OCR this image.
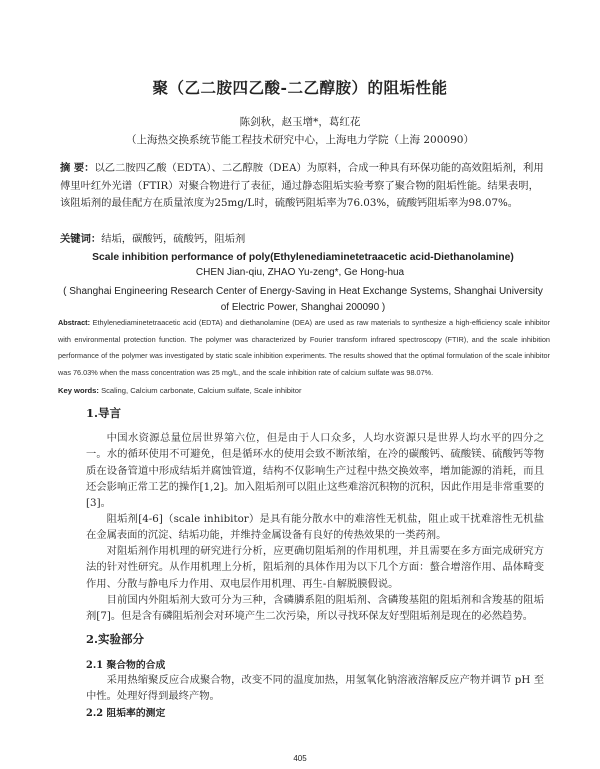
聚（乙二胺四乙酸-二乙醇胺）的阻垢性能
陈剑秋，赵玉增*，葛红花
（上海热交换系统节能工程技术研究中心，上海电力学院（上海 200090）
摘 要：以乙二胺四乙酸（EDTA）、二乙醇胺（DEA）为原料，合成一种具有环保功能的高效阻垢剂，利用傅里叶红外光谱（FTIR）对聚合物进行了表征，通过静态阻垢实验考察了聚合物的阻垢性能。结果表明，该阻垢剂的最佳配方在质量浓度为25mg/L时，硫酸钙阻垢率为76.03%，硫酸钙阻垢率为98.07%。
关键词：结垢，碳酸钙，硫酸钙，阻垢剂
Scale inhibition performance of poly(Ethylenediaminetetraacetic acid-Diethanolamine)
CHEN Jian-qiu, ZHAO Yu-zeng*, Ge Hong-hua
( Shanghai Engineering Research Center of Energy-Saving in Heat Exchange Systems, Shanghai University of Electric Power, Shanghai 200090 )
Abstract: Ethylenediaminetetraacetic acid (EDTA) and diethanolamine (DEA) are used as raw materials to synthesize a high-efficiency scale inhibitor with environmental protection function. The polymer was characterized by Fourier transform infrared spectroscopy (FTIR), and the scale inhibition performance of the polymer was investigated by static scale inhibition experiments. The results showed that the optimal formulation of the scale inhibitor was 76.03% when the mass concentration was 25 mg/L, and the scale inhibition rate of calcium sulfate was 98.07%.
Key words: Scaling, Calcium carbonate, Calcium sulfate, Scale inhibitor
1.导言
中国水资源总量位居世界第六位，但是由于人口众多，人均水资源只是世界人均水平的四分之一。水的循环使用不可避免，但是循环水的使用会致不断浓缩，在冷的碳酸钙、硫酸镁、硫酸钙等物质在设备管道中形成结垢并腐蚀管道，结构不仅影响生产过程中热交换效率，增加能源的消耗，而且还会影响正常工艺的操作[1,2]。加入阻垢剂可以阻止这些难溶沉积物的沉积，因此作用是非常重要的[3]。
阻垢剂[4-6]（scale inhibitor）是具有能分散水中的难溶性无机盐，阻止或干扰难溶性无机盐在金属表面的沉淀、结垢功能，并维持金属设备有良好的传热效果的一类药剂。
对阻垢剂作用机理的研究进行分析，应更确切阻垢剂的作用机理，并且需要在多方面完成研究方法的针对性研究。从作用机理上分析，阻垢剂的具体作用为以下几个方面：螯合增溶作用、晶体畸变作用、分散与静电斥力作用、双电层作用机理、再生-自解脱膜假说。
目前国内外阻垢剂大致可分为三种，含磷膦系阻的阻垢剂、含磷羧基阻的阻垢剂和含羧基的阻垢剂[7]。但是含有磷阻垢剂会对环境产生二次污染，所以寻找环保友好型阻垢剂是现在的必然趋势。
2.实验部分
2.1 聚合物的合成
采用热缩聚反应合成聚合物，改变不同的温度加热，用氢氧化钠溶液溶解反应产物并调节 pH 至中性。处理好得到最终产物。
2.2 阻垢率的测定
405
